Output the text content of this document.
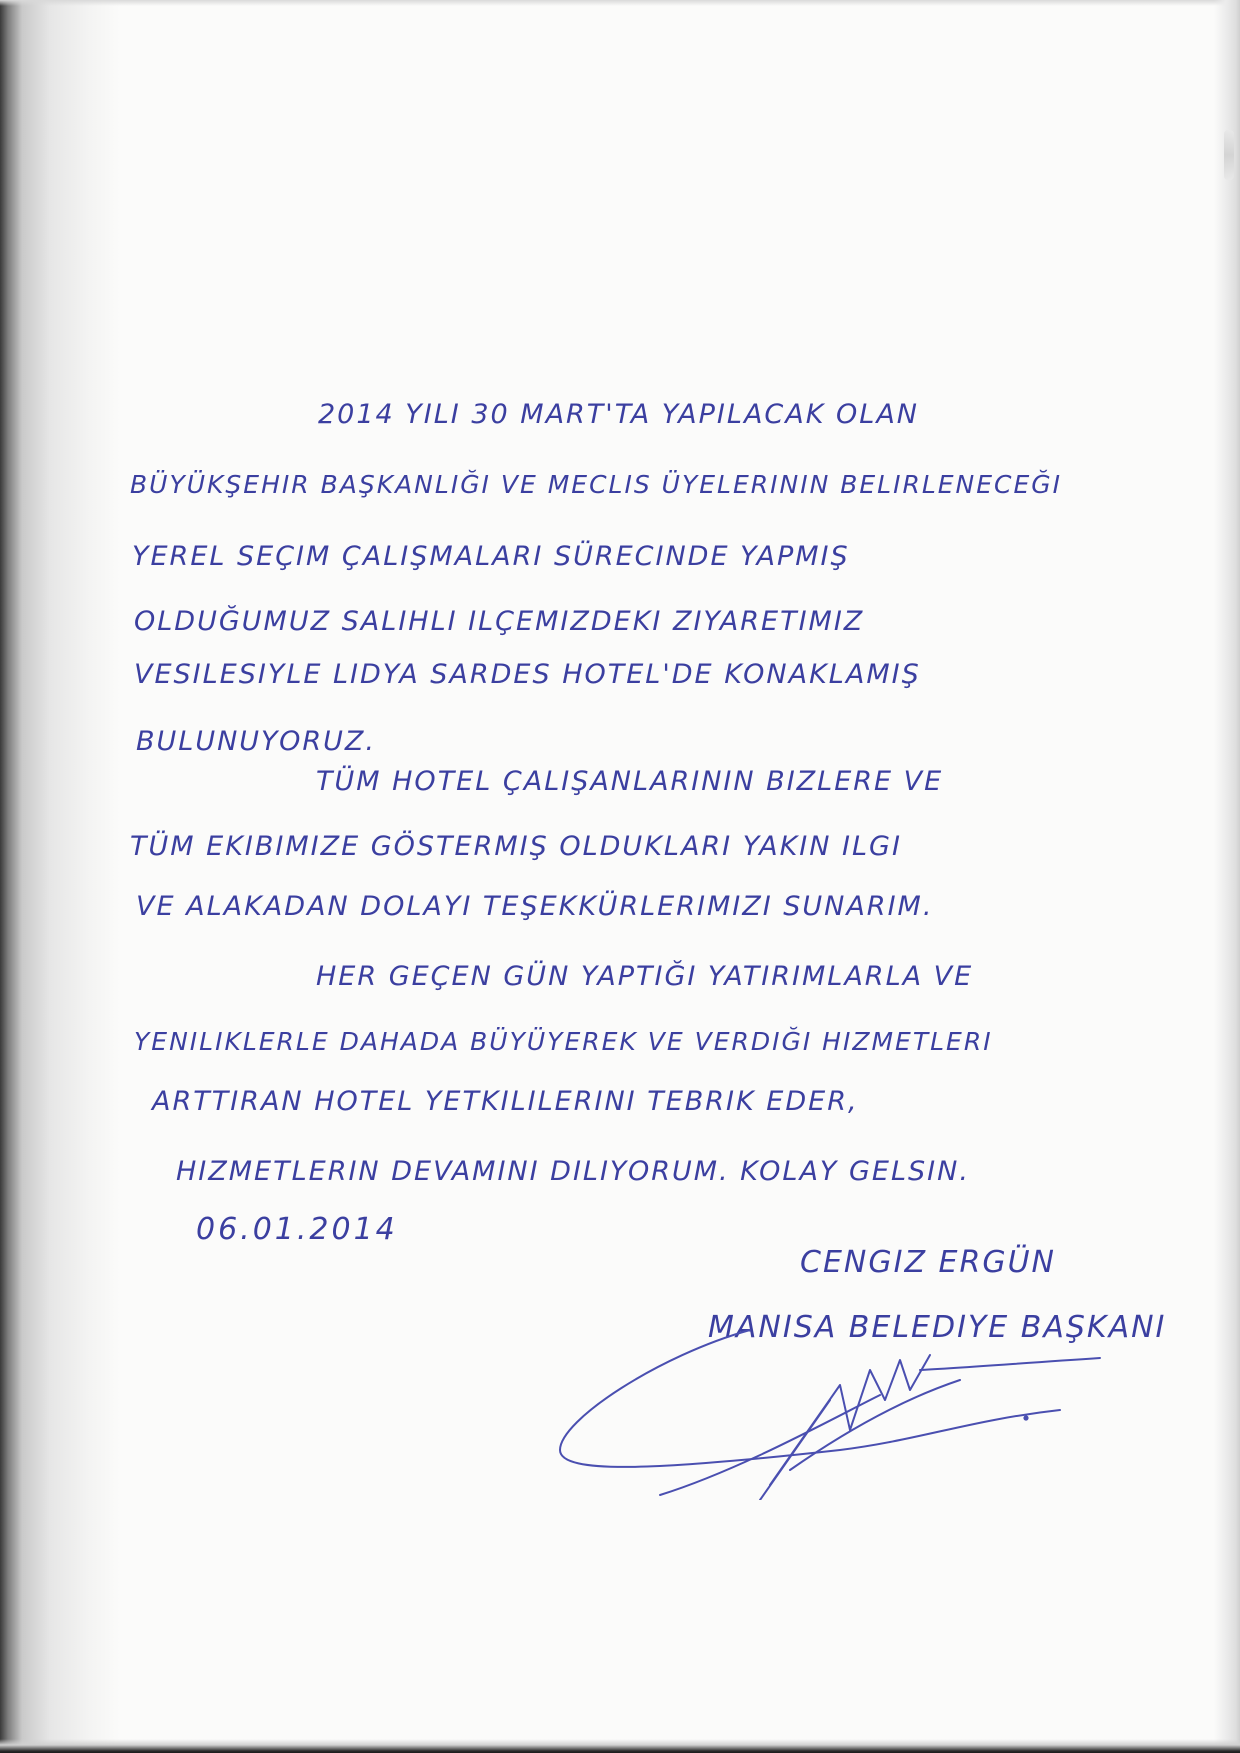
2014 YILI 30 MART'TA YAPILACAK OLAN
BÜYÜKŞEHIR BAŞKANLIĞI VE MECLIS ÜYELERININ BELIRLENECEĞI
YEREL SEÇIM ÇALIŞMALARI SÜRECINDE YAPMIŞ
OLDUĞUMUZ SALIHLI ILÇEMIZDEKI ZIYARETIMIZ
VESILESIYLE LIDYA SARDES HOTEL'DE KONAKLAMIŞ
BULUNUYORUZ.
TÜM HOTEL ÇALIŞANLARININ BIZLERE VE
TÜM EKIBIMIZE GÖSTERMIŞ OLDUKLARI YAKIN ILGI
VE ALAKADAN DOLAYI TEŞEKKÜRLERIMIZI SUNARIM.
HER GEÇEN GÜN YAPTIĞI YATIRIMLARLA VE
YENILIKLERLE DAHADA BÜYÜYEREK VE VERDIĞI HIZMETLERI
ARTTIRAN HOTEL YETKILILERINI TEBRIK EDER,
HIZMETLERIN DEVAMINI DILIYORUM. KOLAY GELSIN.
06.01.2014
CENGIZ ERGÜN
MANISA BELEDIYE BAŞKANI
